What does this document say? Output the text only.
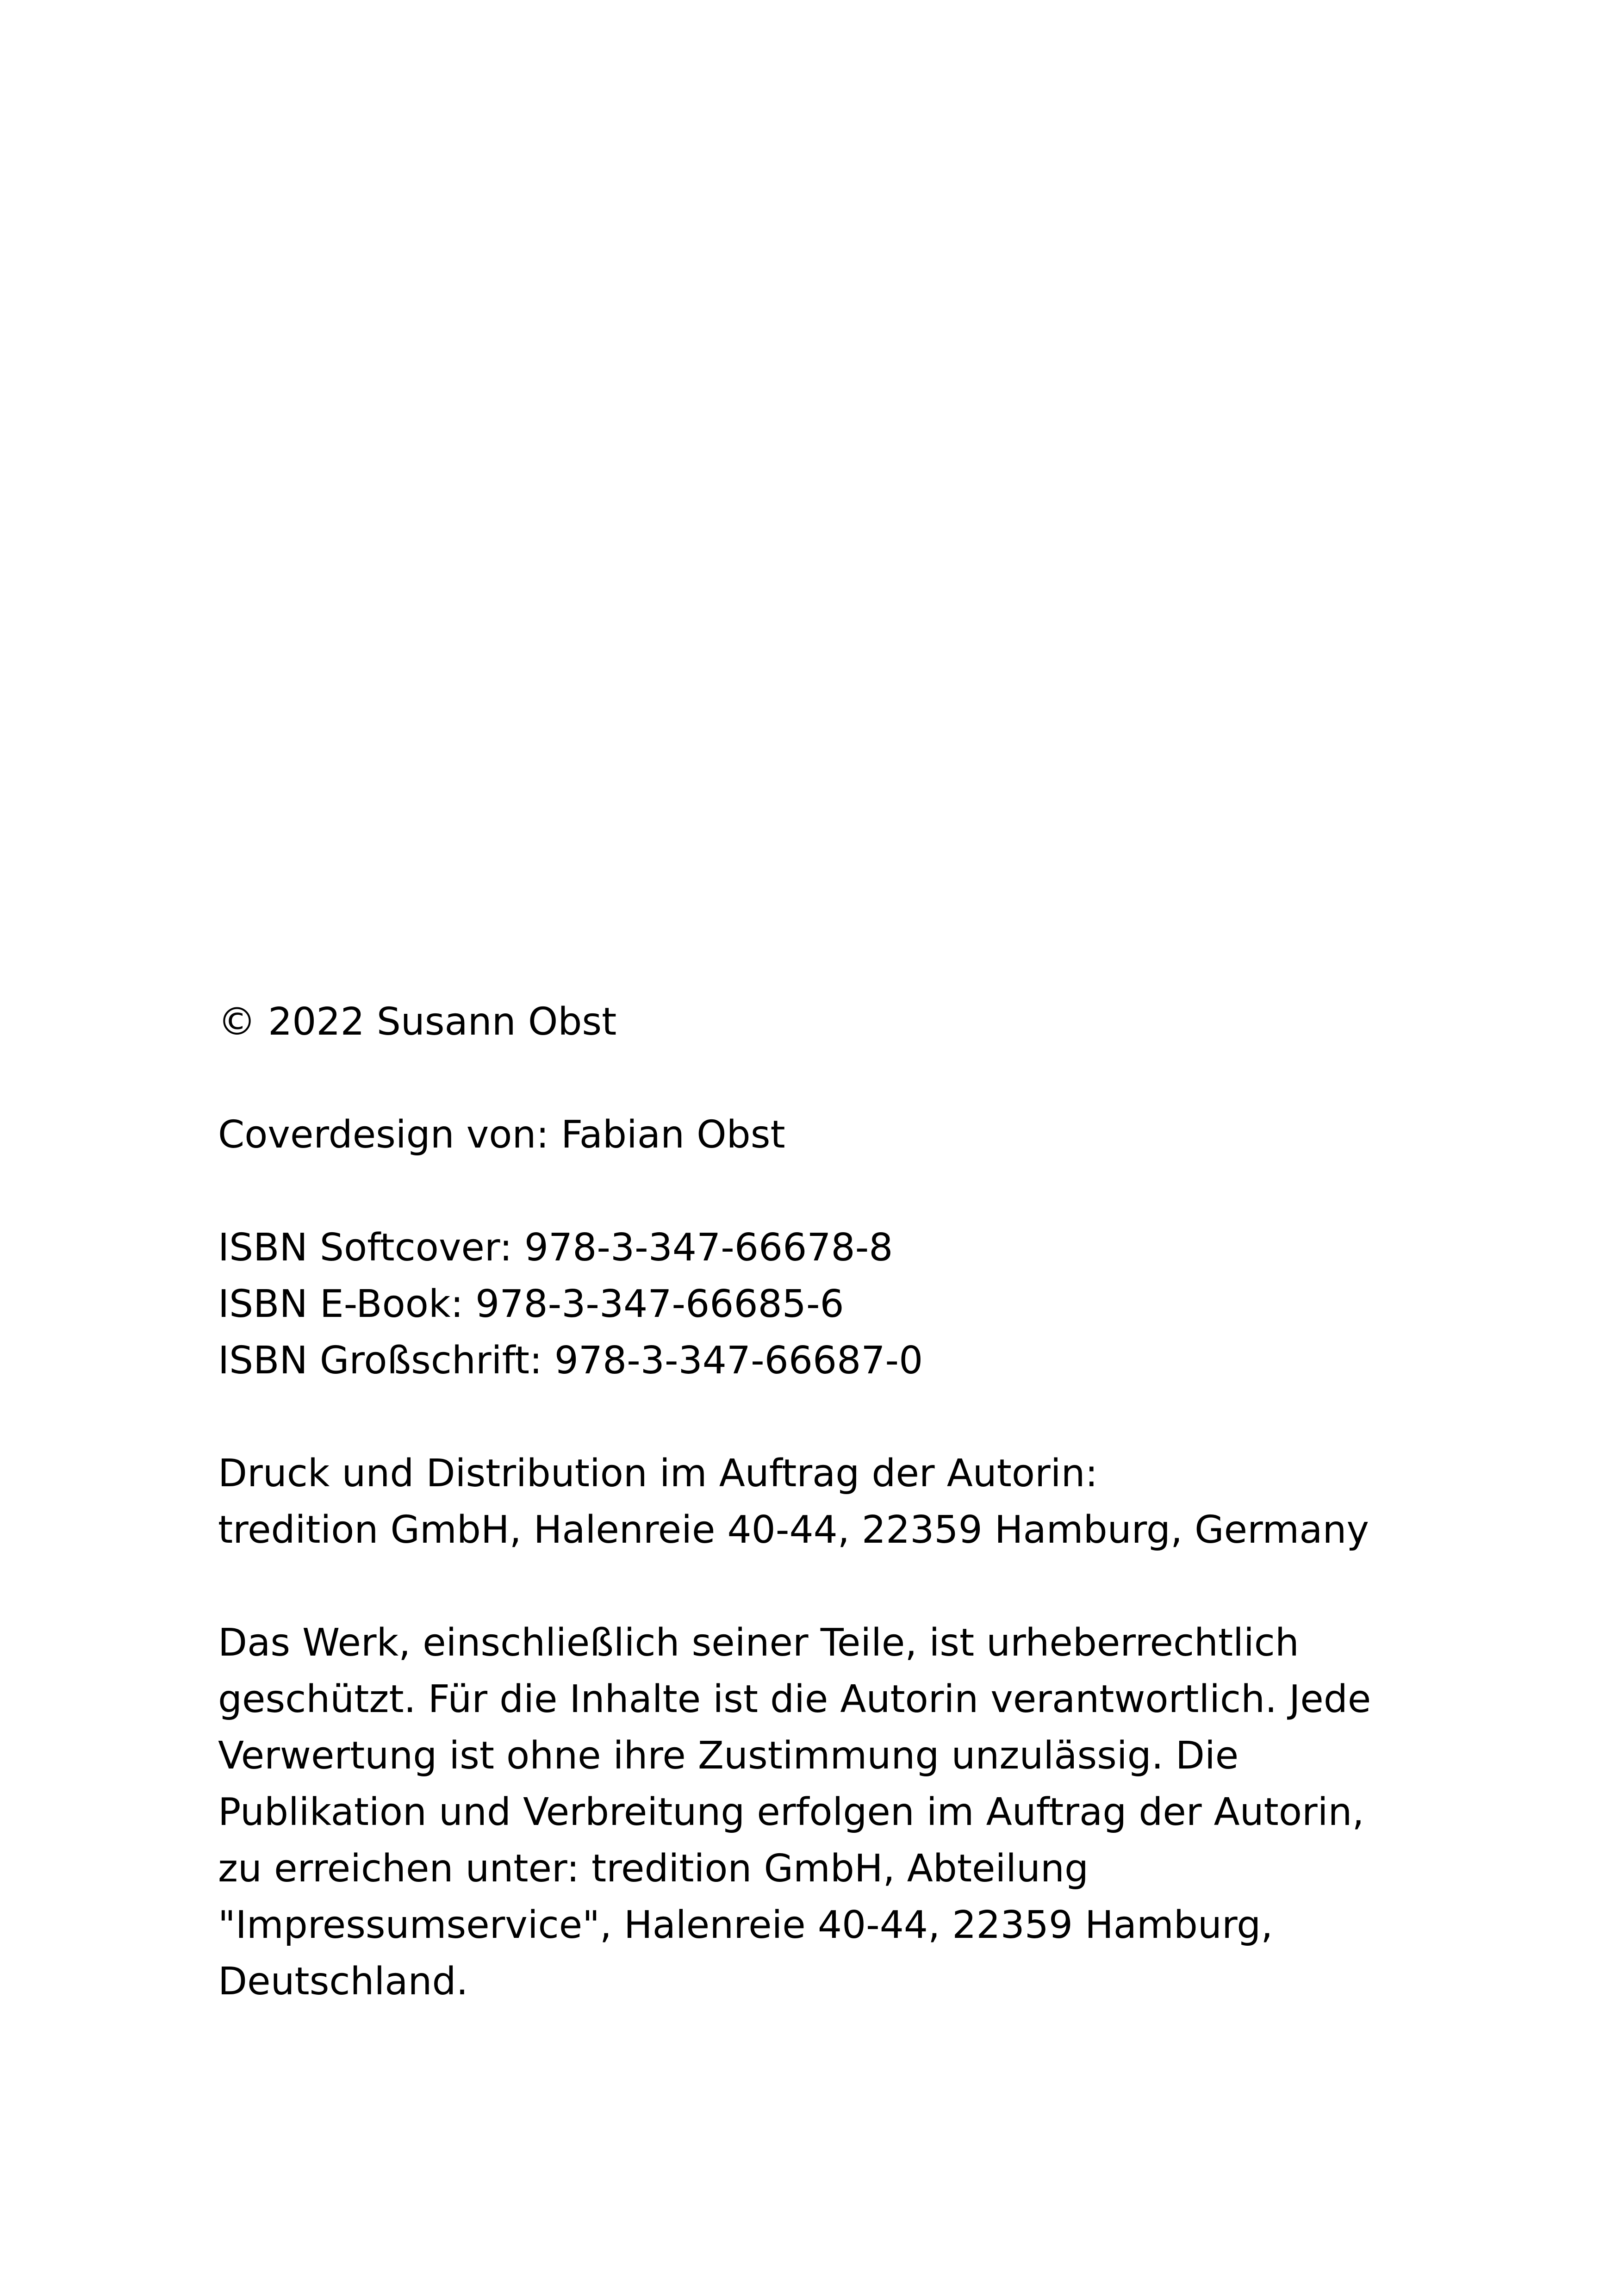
© 2022 Susann Obst
Coverdesign von: Fabian Obst
ISBN Softcover: 978-3-347-66678-8
ISBN E-Book: 978-3-347-66685-6
ISBN Großschrift: 978-3-347-66687-0
Druck und Distribution im Auftrag der Autorin:
tredition GmbH, Halenreie 40-44, 22359 Hamburg, Germany
Das Werk, einschließlich seiner Teile, ist urheberrechtlich
geschützt. Für die Inhalte ist die Autorin verantwortlich. Jede
Verwertung ist ohne ihre Zustimmung unzulässig. Die
Publikation und Verbreitung erfolgen im Auftrag der Autorin,
zu erreichen unter: tredition GmbH, Abteilung
"Impressumservice", Halenreie 40-44, 22359 Hamburg,
Deutschland.
